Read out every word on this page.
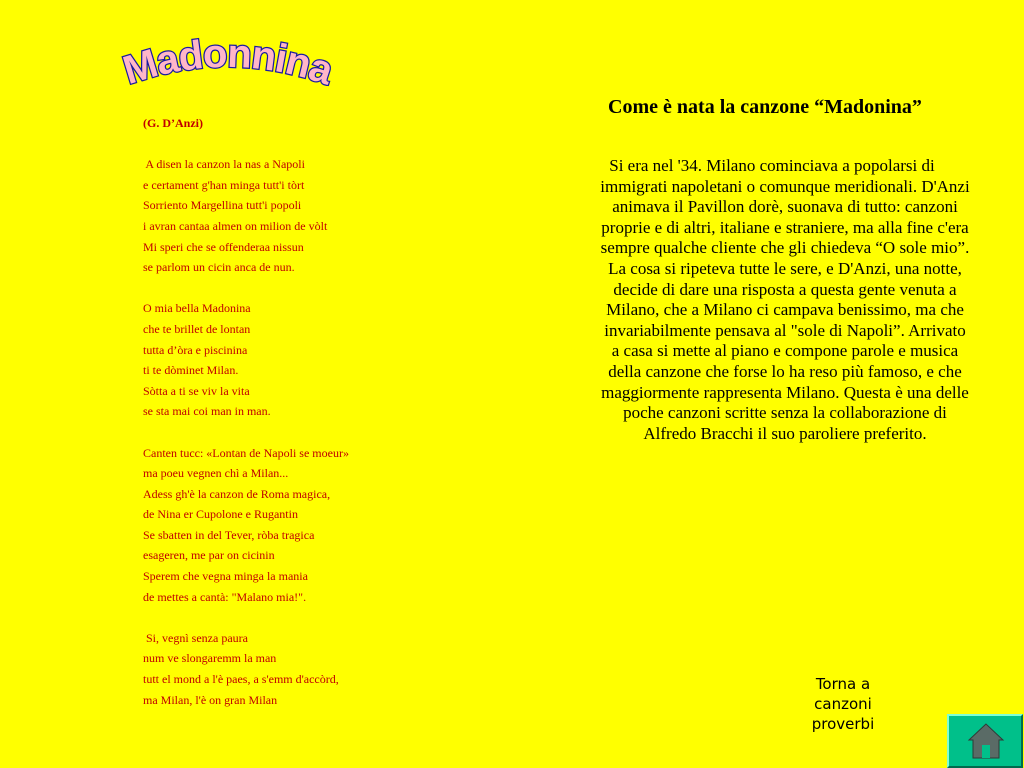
Madonnina
(G. D’Anzi)
A disen la canzon la nas a Napoli
e certament g'han minga tutt'i tòrt
Sorriento Margellina tutt'i popoli
i avran cantaa almen on milion de vòlt
Mi speri che se offenderaa nissun
se parlom un cicin anca de nun.
O mia bella Madonina
che te brillet de lontan
tutta d’òra e piscinina
ti te dòminet Milan.
Sòtta a ti se viv la vita
se sta mai coi man in man.
Canten tucc: «Lontan de Napoli se moeur»
ma poeu vegnen chì a Milan...
Adess gh'è la canzon de Roma magica,
de Nina er Cupolone e Rugantin
Se sbatten in del Tever, ròba tragica
esageren, me par on cicinin
Sperem che vegna minga la mania
de mettes a cantà: "Malano mia!".
Si, vegnì senza paura
num ve slongaremm la man
tutt el mond a l'è paes, a s'emm d'accòrd,
ma Milan, l'è on gran Milan
Come è nata la canzone “Madonina”
Si era nel '34. Milano cominciava a popolarsi di immigrati napoletani o comunque meridionali. D'Anzi animava il Pavillon dorè, suonava di tutto: canzoni proprie e di altri, italiane e straniere, ma alla fine c'era sempre qualche cliente che gli chiedeva “O sole mio”. La cosa si ripeteva tutte le sere, e D'Anzi, una notte, decide di dare una risposta a questa gente venuta a Milano, che a Milano ci campava benissimo, ma che invariabilmente pensava al "sole di Napoli”. Arrivato a casa si mette al piano e compone parole e musica della canzone che forse lo ha reso più famoso, e che maggiormente rappresenta Milano. Questa è una delle poche canzoni scritte senza la collaborazione di Alfredo Bracchi il suo paroliere preferito.
Torna a
canzoni
proverbi
